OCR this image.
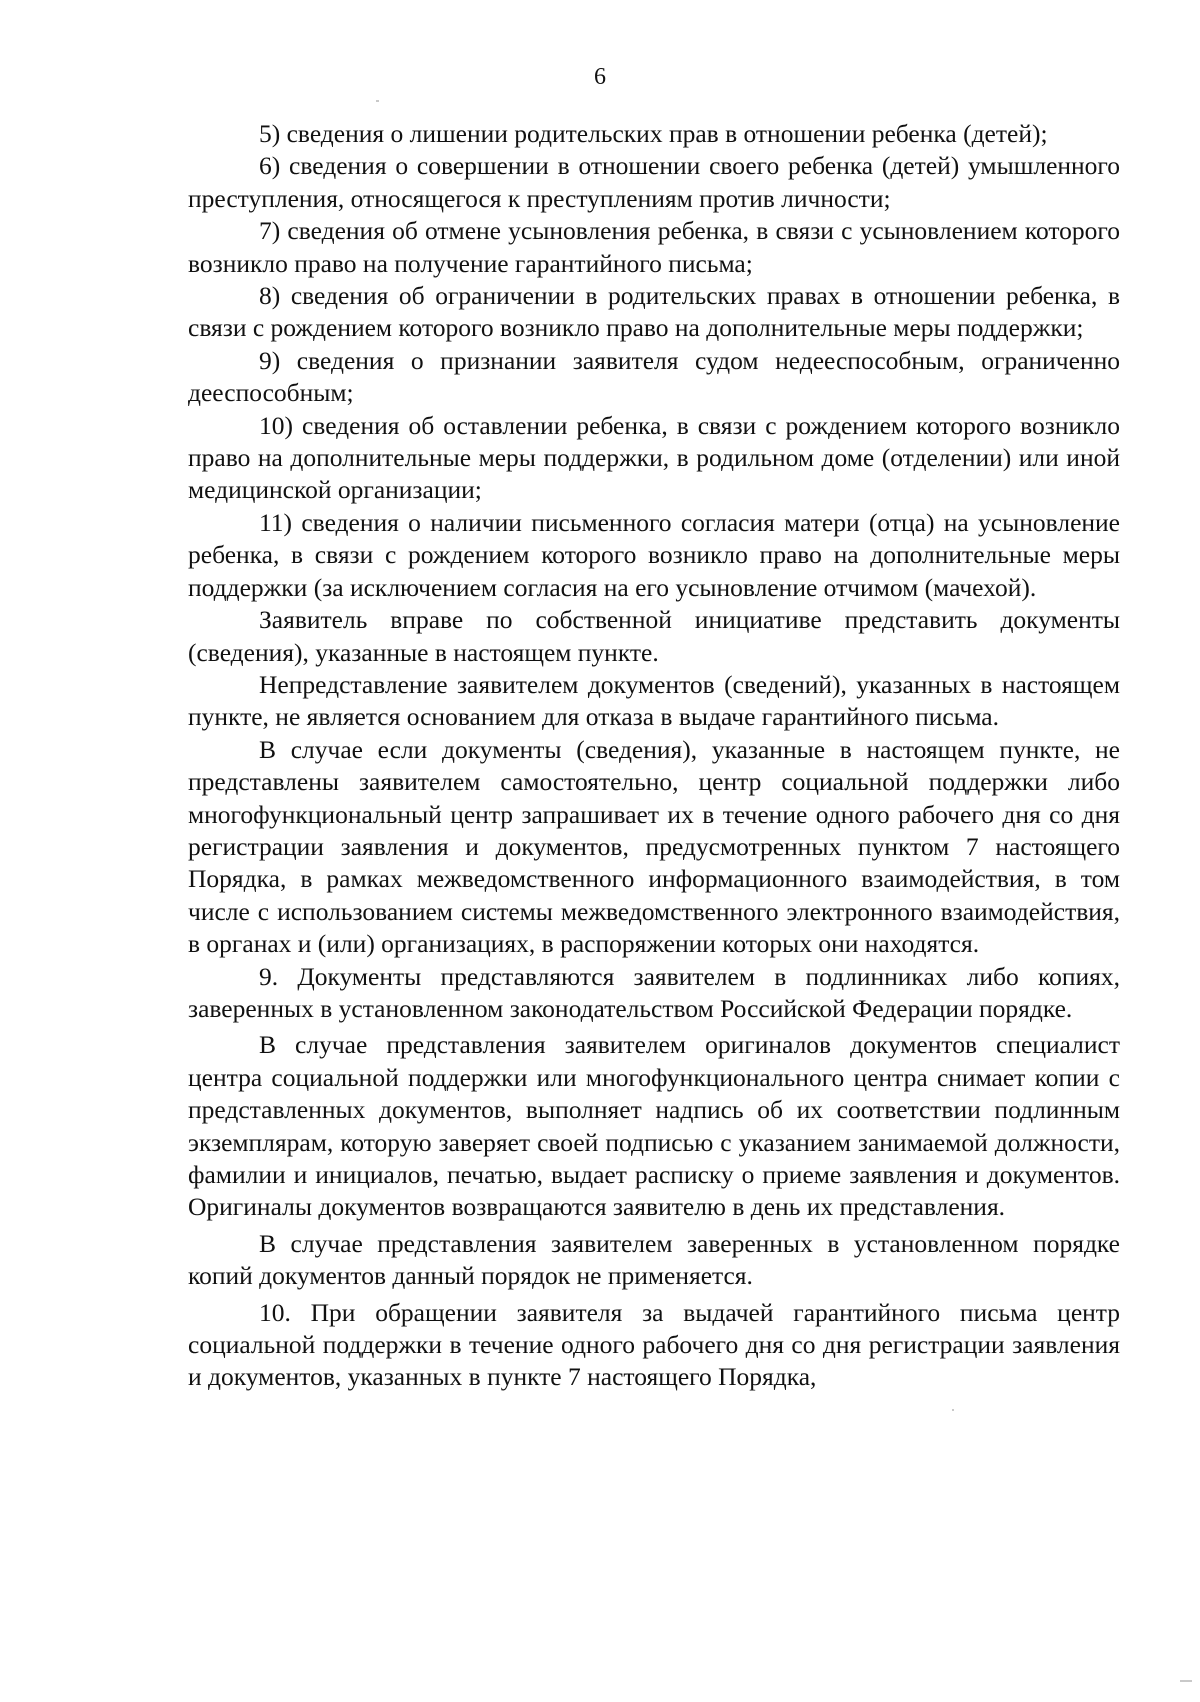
6

5) сведения о лишении родительских прав в отношении ребенка (детей);

6) сведения о совершении в отношении своего ребенка (детей) умышленного преступления, относящегося к преступлениям против личности;

7) сведения об отмене усыновления ребенка, в связи с усыновлением которого возникло право на получение гарантийного письма;

8) сведения об ограничении в родительских правах в отношении ребенка, в связи с рождением которого возникло право на дополнительные меры поддержки;

9) сведения о признании заявителя судом недееспособным, ограниченно дееспособным;

10) сведения об оставлении ребенка, в связи с рождением которого возникло право на дополнительные меры поддержки, в родильном доме (отделении) или иной медицинской организации;

11) сведения о наличии письменного согласия матери (отца) на усыновление ребенка, в связи с рождением которого возникло право на дополнительные меры поддержки (за исключением согласия на его усыновление отчимом (мачехой).

Заявитель вправе по собственной инициативе представить документы (сведения), указанные в настоящем пункте.

Непредставление заявителем документов (сведений), указанных в настоящем пункте, не является основанием для отказа в выдаче гарантийного письма.

В случае если документы (сведения), указанные в настоящем пункте, не представлены заявителем самостоятельно, центр социальной поддержки либо многофункциональный центр запрашивает их в течение одного рабочего дня со дня регистрации заявления и документов, предусмотренных пунктом 7 настоящего Порядка, в рамках межведомственного информационного взаимодействия, в том числе с использованием системы межведомственного электронного взаимодействия, в органах и (или) организациях, в распоряжении которых они находятся.

9. Документы представляются заявителем в подлинниках либо копиях, заверенных в установленном законодательством Российской Федерации порядке.

В случае представления заявителем оригиналов документов специалист центра социальной поддержки или многофункционального центра снимает копии с представленных документов, выполняет надпись об их соответствии подлинным экземплярам, которую заверяет своей подписью с указанием занимаемой должности, фамилии и инициалов, печатью, выдает расписку о приеме заявления и документов. Оригиналы документов возвращаются заявителю в день их представления.

В случае представления заявителем заверенных в установленном порядке копий документов данный порядок не применяется.

10. При обращении заявителя за выдачей гарантийного письма центр социальной поддержки в течение одного рабочего дня со дня регистрации заявления и документов, указанных в пункте 7 настоящего Порядка,
